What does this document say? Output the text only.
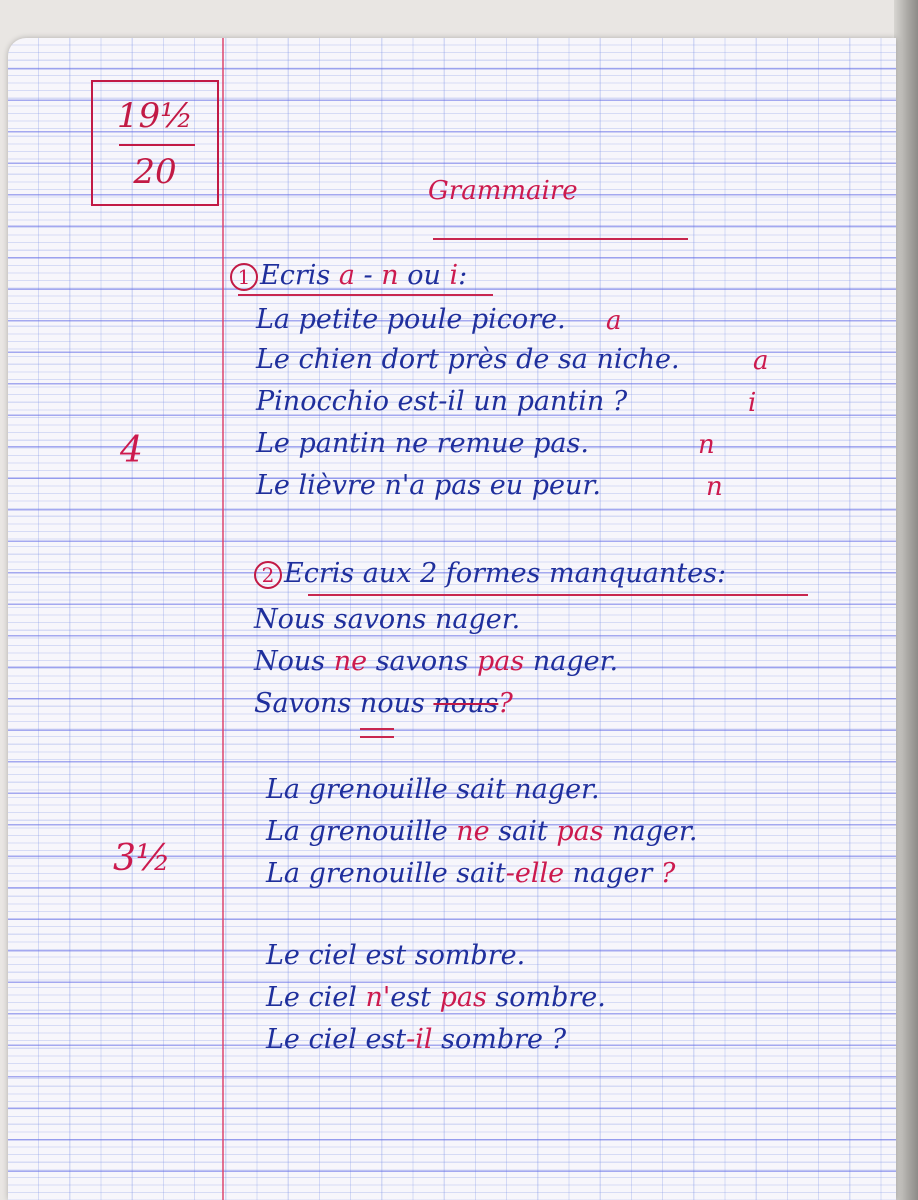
19½
20	Grammaire
1 Ecris a - n ou i:
4
La petite poule picore. a
Le chien dort près de sa niche.	a
Pinocchio est-il un pantin ?	i
Le pantin ne remue pas.	n
Le lièvre n'a pas eu peur.	n
2 Ecris aux 2 formes manquantes:
3½
Nous savons nager.
Nous ne savons pas nager.
Savons nous nous?
La grenouille sait nager.
La grenouille ne sait pas nager.
La grenouille sait-elle nager ?
Le ciel est sombre.
Le ciel n'est pas sombre.
Le ciel est-il sombre ?
